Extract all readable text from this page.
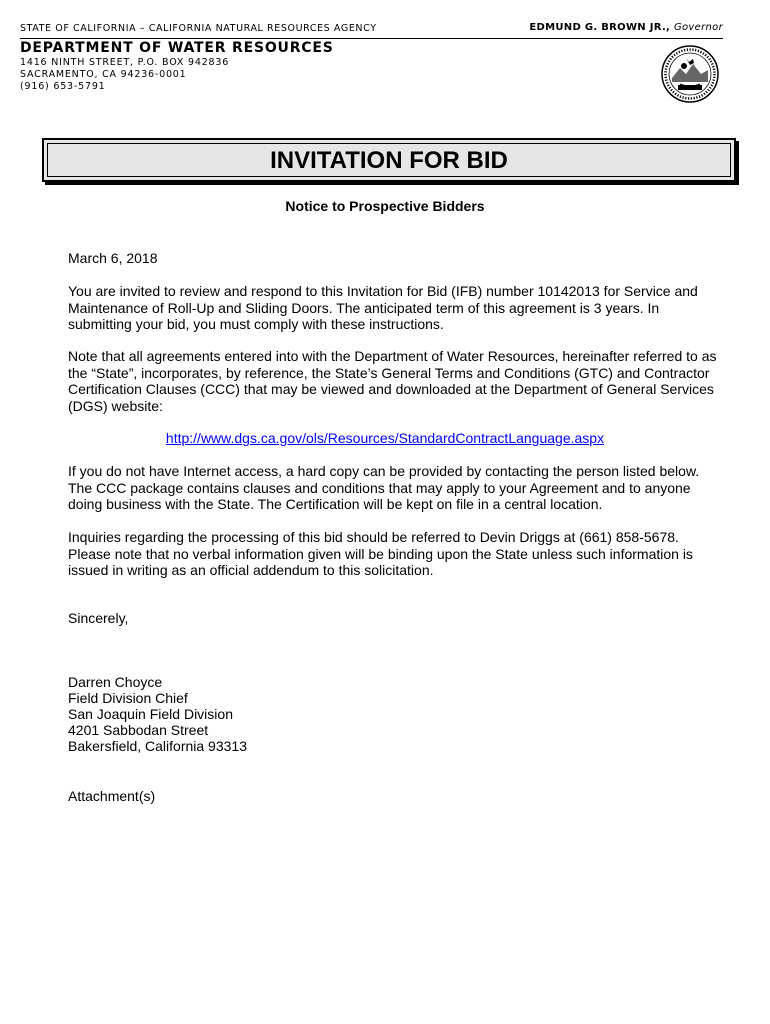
STATE OF CALIFORNIA – CALIFORNIA NATURAL RESOURCES AGENCY	EDMUND G. BROWN JR., Governor
DEPARTMENT OF WATER RESOURCES
1416 NINTH STREET, P.O. BOX 942836
SACRAMENTO, CA 94236-0001
(916) 653-5791
INVITATION FOR BID
Notice to Prospective Bidders
March 6, 2018
You are invited to review and respond to this Invitation for Bid (IFB) number 10142013 for Service and Maintenance of Roll-Up and Sliding Doors. The anticipated term of this agreement is 3 years. In submitting your bid, you must comply with these instructions.
Note that all agreements entered into with the Department of Water Resources, hereinafter referred to as the “State”, incorporates, by reference, the State’s General Terms and Conditions (GTC) and Contractor Certification Clauses (CCC) that may be viewed and downloaded at the Department of General Services (DGS) website:
http://www.dgs.ca.gov/ols/Resources/StandardContractLanguage.aspx
If you do not have Internet access, a hard copy can be provided by contacting the person listed below. The CCC package contains clauses and conditions that may apply to your Agreement and to anyone doing business with the State. The Certification will be kept on file in a central location.
Inquiries regarding the processing of this bid should be referred to Devin Driggs at (661) 858-5678. Please note that no verbal information given will be binding upon the State unless such information is issued in writing as an official addendum to this solicitation.
Sincerely,
Darren Choyce
Field Division Chief
San Joaquin Field Division
4201 Sabbodan Street
Bakersfield, California 93313
Attachment(s)
